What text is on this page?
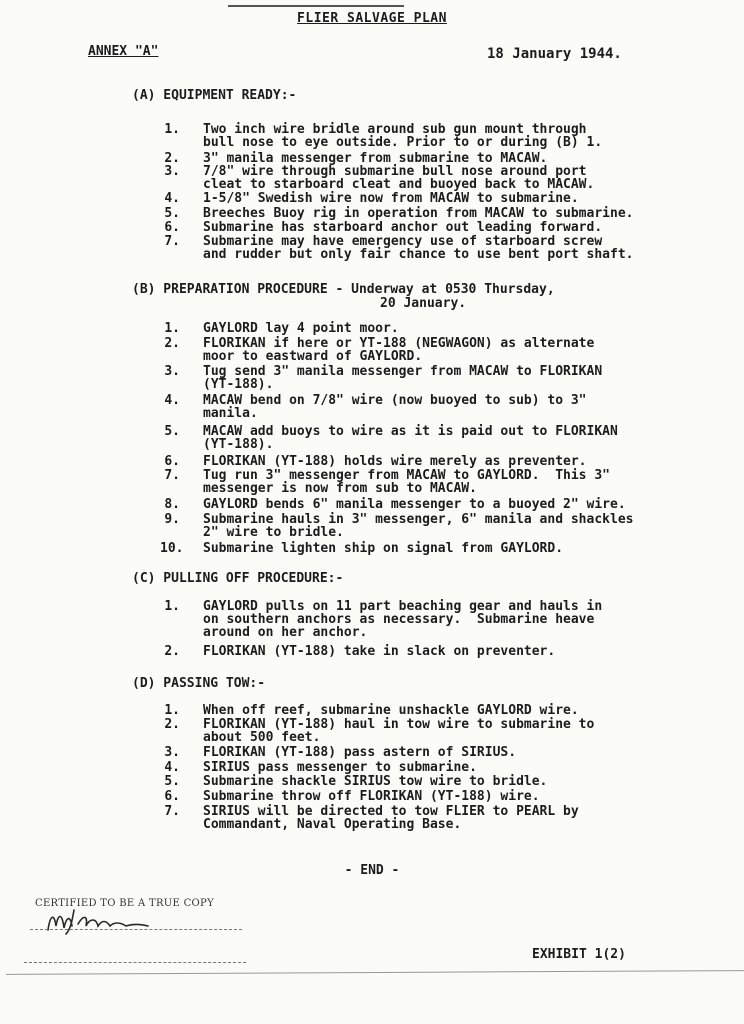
FLIER SALVAGE PLAN
ANNEX "A"	18 January 1944.
(A) EQUIPMENT READY:-
1. Two inch wire bridle around sub gun mount through
bull nose to eye outside. Prior to or during (B) 1.
2. 3" manila messenger from submarine to MACAW.
3. 7/8" wire through submarine bull nose around port
cleat to starboard cleat and buoyed back to MACAW.
4. 1-5/8" Swedish wire now from MACAW to submarine.
5. Breeches Buoy rig in operation from MACAW to submarine.
6. Submarine has starboard anchor out leading forward.
7. Submarine may have emergency use of starboard screw
and rudder but only fair chance to use bent port shaft.
(B) PREPARATION PROCEDURE - Underway at 0530 Thursday,
20 January.
1. GAYLORD lay 4 point moor.
2. FLORIKAN if here or YT-188 (NEGWAGON) as alternate
moor to eastward of GAYLORD.
3. Tug send 3" manila messenger from MACAW to FLORIKAN
(YT-188).
4. MACAW bend on 7/8" wire (now buoyed to sub) to 3"
manila.
5. MACAW add buoys to wire as it is paid out to FLORIKAN
(YT-188).
6. FLORIKAN (YT-188) holds wire merely as preventer.
7. Tug run 3" messenger from MACAW to GAYLORD.  This 3"
messenger is now from sub to MACAW.
8. GAYLORD bends 6" manila messenger to a buoyed 2" wire.
9. Submarine hauls in 3" messenger, 6" manila and shackles
2" wire to bridle.
10. Submarine lighten ship on signal from GAYLORD.
(C) PULLING OFF PROCEDURE:-
1. GAYLORD pulls on 11 part beaching gear and hauls in
on southern anchors as necessary.  Submarine heave
around on her anchor.
2. FLORIKAN (YT-188) take in slack on preventer.
(D) PASSING TOW:-
1. When off reef, submarine unshackle GAYLORD wire.
2. FLORIKAN (YT-188) haul in tow wire to submarine to
about 500 feet.
3. FLORIKAN (YT-188) pass astern of SIRIUS.
4. SIRIUS pass messenger to submarine.
5. Submarine shackle SIRIUS tow wire to bridle.
6. Submarine throw off FLORIKAN (YT-188) wire.
7. SIRIUS will be directed to tow FLIER to PEARL by
Commandant, Naval Operating Base.
- END -
CERTIFIED TO BE A TRUE COPY
EXHIBIT 1(2)
